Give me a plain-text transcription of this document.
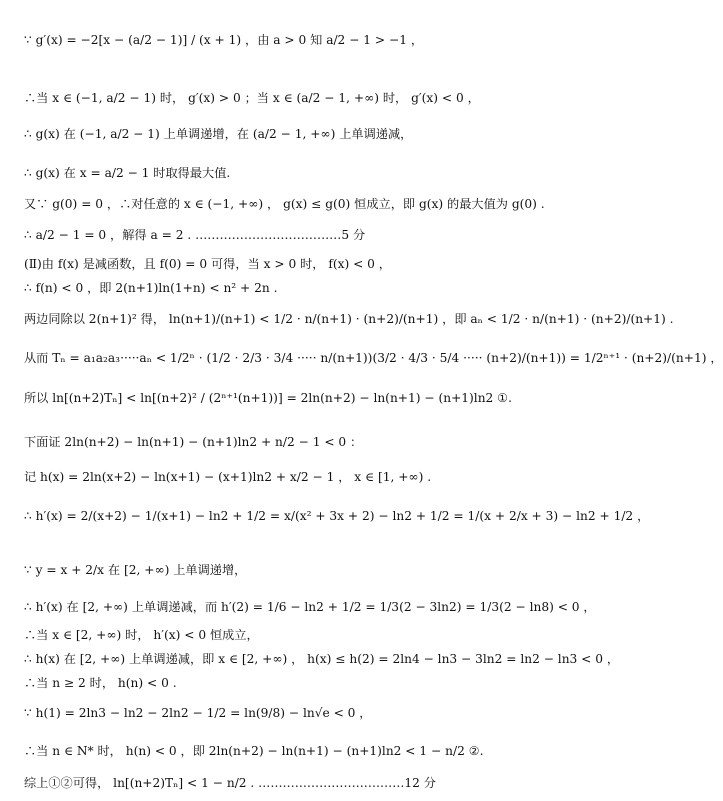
∵ g′(x) = −2[x − (a/2 − 1)] / (x + 1) ，由 a > 0 知 a/2 − 1 > −1 ，
∴当 x ∈ (−1, a/2 − 1) 时， g′(x) > 0 ；当 x ∈ (a/2 − 1, +∞) 时， g′(x) < 0 ，
∴ g(x) 在 (−1, a/2 − 1) 上单调递增，在 (a/2 − 1, +∞) 上单调递减，
∴ g(x) 在 x = a/2 − 1 时取得最大值.
又∵ g(0) = 0 ，∴对任意的 x ∈ (−1, +∞) ， g(x) ≤ g(0) 恒成立，即 g(x) 的最大值为 g(0) .
∴ a/2 − 1 = 0 ，解得 a = 2 . ………………………………5 分
(Ⅱ)由 f(x) 是减函数，且 f(0) = 0 可得，当 x > 0 时， f(x) < 0 ，
∴ f(n) < 0 ，即 2(n+1)ln(1+n) < n² + 2n .
两边同除以 2(n+1)² 得， ln(n+1)/(n+1) < 1/2 · n/(n+1) · (n+2)/(n+1) ，即 aₙ < 1/2 · n/(n+1) · (n+2)/(n+1) .
从而 Tₙ = a₁a₂a₃·····aₙ < 1/2ⁿ · (1/2 · 2/3 · 3/4 ····· n/(n+1))(3/2 · 4/3 · 5/4 ····· (n+2)/(n+1)) = 1/2ⁿ⁺¹ · (n+2)/(n+1) ，
所以 ln[(n+2)Tₙ] < ln[(n+2)² / (2ⁿ⁺¹(n+1))] = 2ln(n+2) − ln(n+1) − (n+1)ln2 ①.
下面证 2ln(n+2) − ln(n+1) − (n+1)ln2 + n/2 − 1 < 0 ：
记 h(x) = 2ln(x+2) − ln(x+1) − (x+1)ln2 + x/2 − 1 ， x ∈ [1, +∞) .
∴ h′(x) = 2/(x+2) − 1/(x+1) − ln2 + 1/2 = x/(x² + 3x + 2) − ln2 + 1/2 = 1/(x + 2/x + 3) − ln2 + 1/2 ，
∵ y = x + 2/x 在 [2, +∞) 上单调递增，
∴ h′(x) 在 [2, +∞) 上单调递减，而 h′(2) = 1/6 − ln2 + 1/2 = 1/3(2 − 3ln2) = 1/3(2 − ln8) < 0 ，
∴当 x ∈ [2, +∞) 时， h′(x) < 0 恒成立，
∴ h(x) 在 [2, +∞) 上单调递减，即 x ∈ [2, +∞) ， h(x) ≤ h(2) = 2ln4 − ln3 − 3ln2 = ln2 − ln3 < 0 ，
∴当 n ≥ 2 时， h(n) < 0 .
∵ h(1) = 2ln3 − ln2 − 2ln2 − 1/2 = ln(9/8) − ln√e < 0 ，
∴当 n ∈ N* 时， h(n) < 0 ，即 2ln(n+2) − ln(n+1) − (n+1)ln2 < 1 − n/2 ②.
综上①②可得， ln[(n+2)Tₙ] < 1 − n/2 . ………………………………12 分
